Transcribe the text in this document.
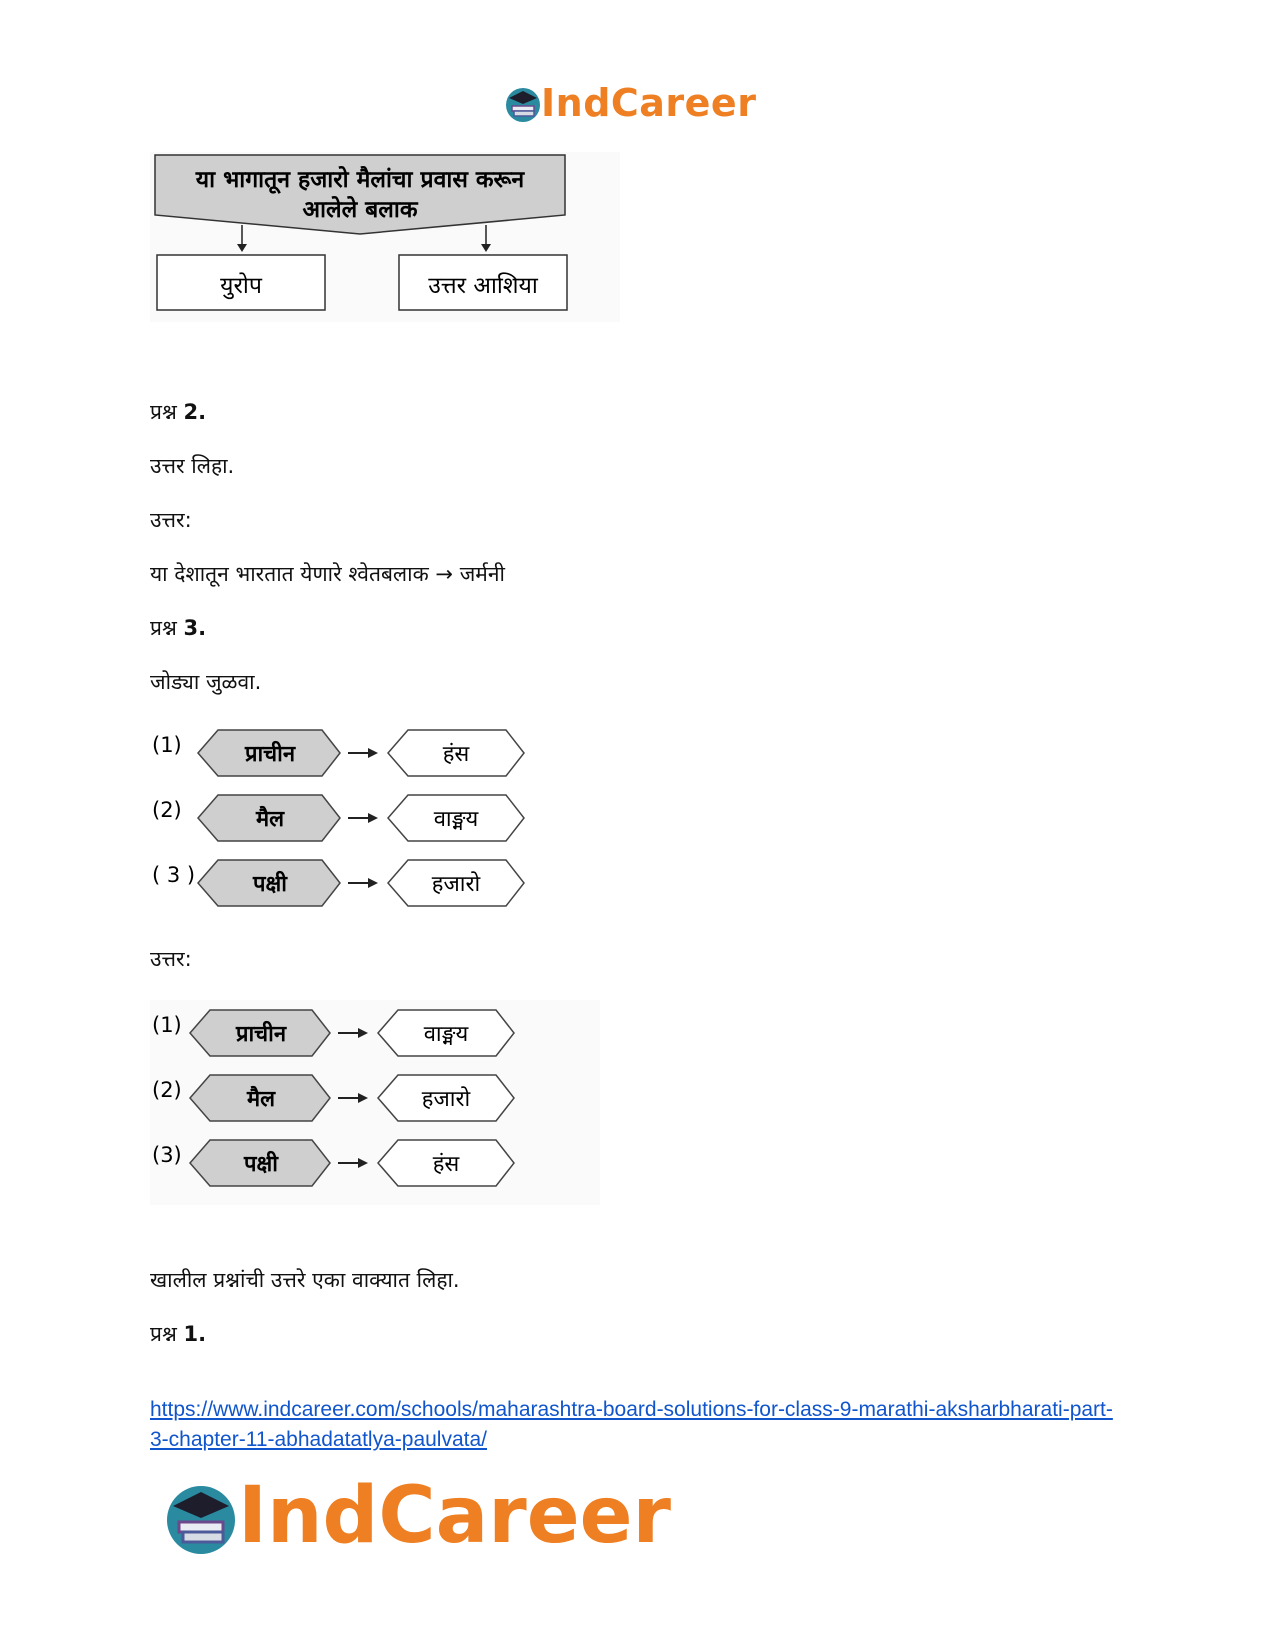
IndCareer
या भागातून हजारो मैलांचा प्रवास करून
आलेले बलाक
युरोप	उत्तर आशिया
प्रश्न 2.
उत्तर लिहा.
उत्तर:
या देशातून भारतात येणारे श्वेतबलाक → जर्मनी
प्रश्न 3.
जोड्या जुळवा.
(1)	प्राचीन	हंस
(2)	मैल	वाङ्मय
( 3 )	पक्षी	हजारो
उत्तर:
(1) प्राचीन	वाङ्मय
(2)	मैल	हजारो
(3)	पक्षी	हंस
खालील प्रश्नांची उत्तरे एका वाक्यात लिहा.
प्रश्न 1.
https://www.indcareer.com/schools/maharashtra-board-solutions-for-class-9-marathi-aksharbharati-part-3-chapter-11-abhadatatlya-paulvata/
IndCareer
